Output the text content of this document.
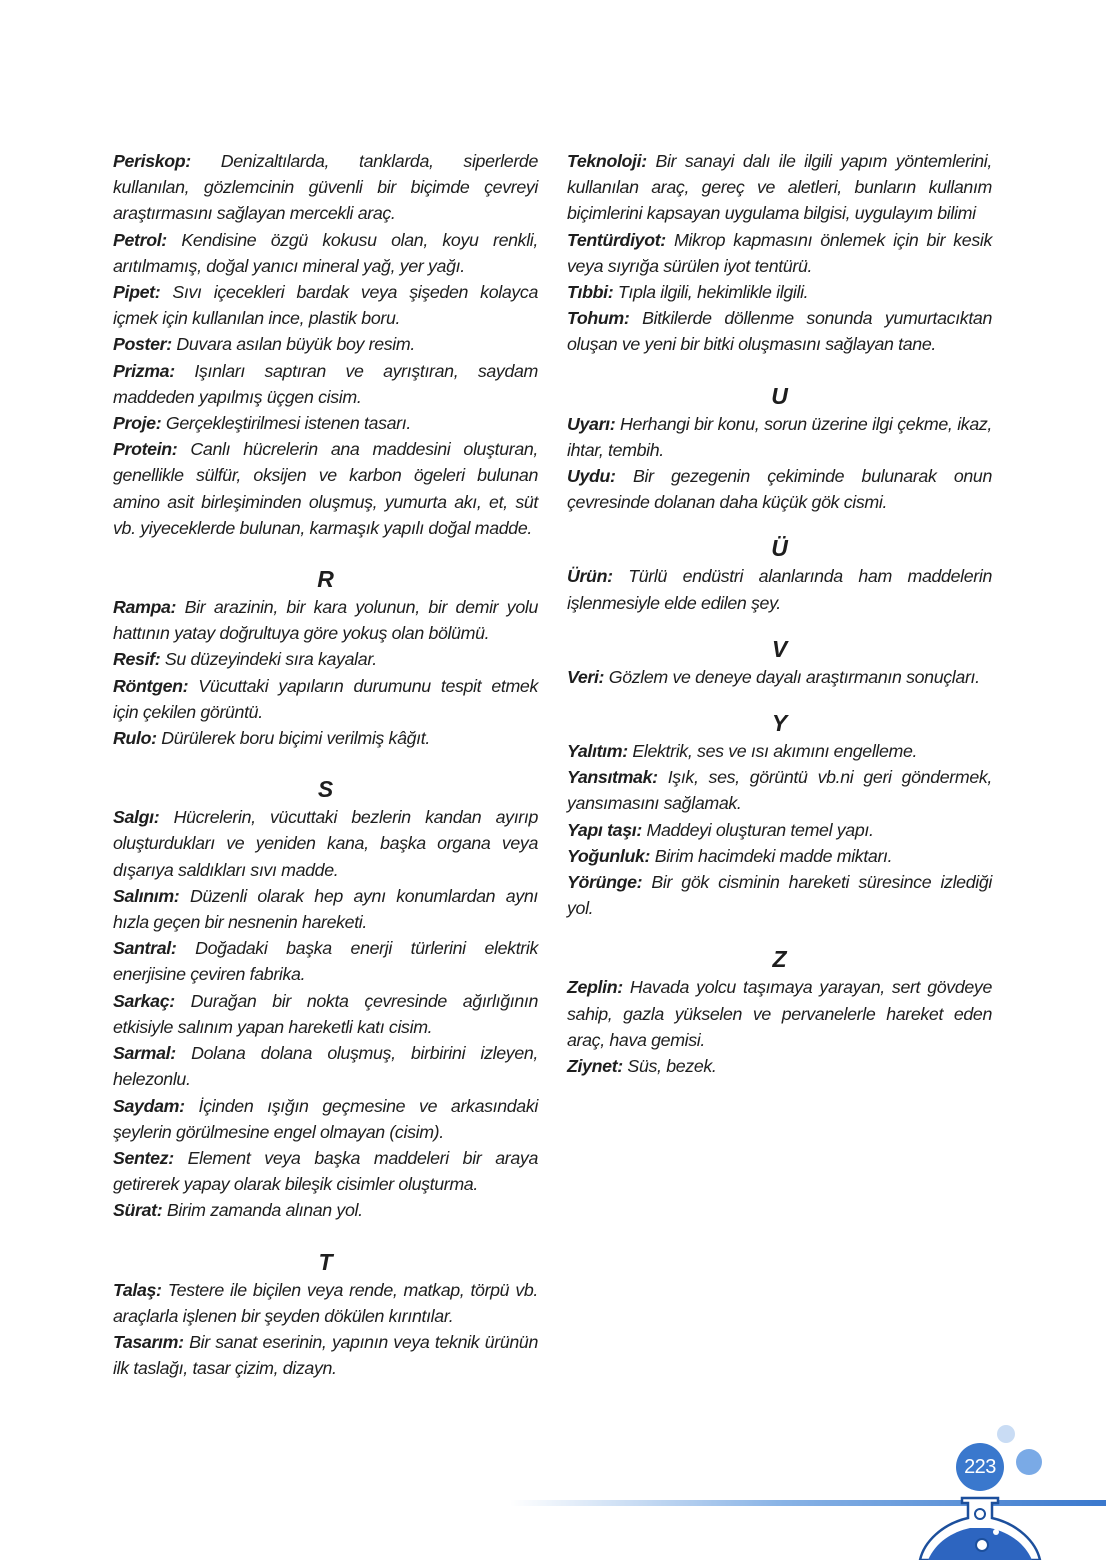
Periskop: Denizaltılarda, tanklarda, siperlerde kullanılan, gözlemcinin güvenli bir biçimde çevreyi araştırmasını sağlayan mercekli araç.

Petrol: Kendisine özgü kokusu olan, koyu renkli, arıtılmamış, doğal yanıcı mineral yağ, yer yağı.

Pipet: Sıvı içecekleri bardak veya şişeden kolayca içmek için kullanılan ince, plastik boru.

Poster: Duvara asılan büyük boy resim.

Prizma: Işınları saptıran ve ayrıştıran, saydam maddeden yapılmış üçgen cisim.

Proje: Gerçekleştirilmesi istenen tasarı.

Protein: Canlı hücrelerin ana maddesini oluşturan, genellikle sülfür, oksijen ve karbon ögeleri bulunan amino asit birleşiminden oluşmuş, yumurta akı, et, süt vb. yiyeceklerde bulunan, karmaşık yapılı doğal madde.

R

Rampa: Bir arazinin, bir kara yolunun, bir demir yolu hattının yatay doğrultuya göre yokuş olan bölümü.

Resif: Su düzeyindeki sıra kayalar.

Röntgen: Vücuttaki yapıların durumunu tespit etmek için çekilen görüntü.

Rulo: Dürülerek boru biçimi verilmiş kâğıt.

S

Salgı: Hücrelerin, vücuttaki bezlerin kandan ayırıp oluşturdukları ve yeniden kana, başka organa veya dışarıya saldıkları sıvı madde.

Salınım: Düzenli olarak hep aynı konumlardan aynı hızla geçen bir nesnenin hareketi.

Santral: Doğadaki başka enerji türlerini elektrik enerjisine çeviren fabrika.

Sarkaç: Durağan bir nokta çevresinde ağırlığının etkisiyle salınım yapan hareketli katı cisim.

Sarmal: Dolana dolana oluşmuş, birbirini izleyen, helezonlu.

Saydam: İçinden ışığın geçmesine ve arkasındaki şeylerin görülmesine engel olmayan (cisim).

Sentez: Element veya başka maddeleri bir araya getirerek yapay olarak bileşik cisimler oluşturma.

Sürat: Birim zamanda alınan yol.

T

Talaş: Testere ile biçilen veya rende, matkap, törpü vb. araçlarla işlenen bir şeyden dökülen kırıntılar.

Tasarım: Bir sanat eserinin, yapının veya teknik ürünün ilk taslağı, tasar çizim, dizayn.

Teknoloji: Bir sanayi dalı ile ilgili yapım yöntemlerini, kullanılan araç, gereç ve aletleri, bunların kullanım biçimlerini kapsayan uygulama bilgisi, uygulayım bilimi

Tentürdiyot: Mikrop kapmasını önlemek için bir kesik veya sıyrığa sürülen iyot tentürü.

Tıbbi: Tıpla ilgili, hekimlikle ilgili.

Tohum: Bitkilerde döllenme sonunda yumurtacıktan oluşan ve yeni bir bitki oluşmasını sağlayan tane.

U

Uyarı: Herhangi bir konu, sorun üzerine ilgi çekme, ikaz, ihtar, tembih.

Uydu: Bir gezegenin çekiminde bulunarak onun çevresinde dolanan daha küçük gök cismi.

Ü

Ürün: Türlü endüstri alanlarında ham maddelerin işlenmesiyle elde edilen şey.

V

Veri: Gözlem ve deneye dayalı araştırmanın sonuçları.

Y

Yalıtım: Elektrik, ses ve ısı akımını engelleme.

Yansıtmak: Işık, ses, görüntü vb.ni geri göndermek, yansımasını sağlamak.

Yapı taşı: Maddeyi oluşturan temel yapı.

Yoğunluk: Birim hacimdeki madde miktarı.

Yörünge: Bir gök cisminin hareketi süresince izlediği yol.

Z

Zeplin: Havada yolcu taşımaya yarayan, sert gövdeye sahip, gazla yükselen ve pervanelerle hareket eden araç, hava gemisi.

Ziynet: Süs, bezek.

223
